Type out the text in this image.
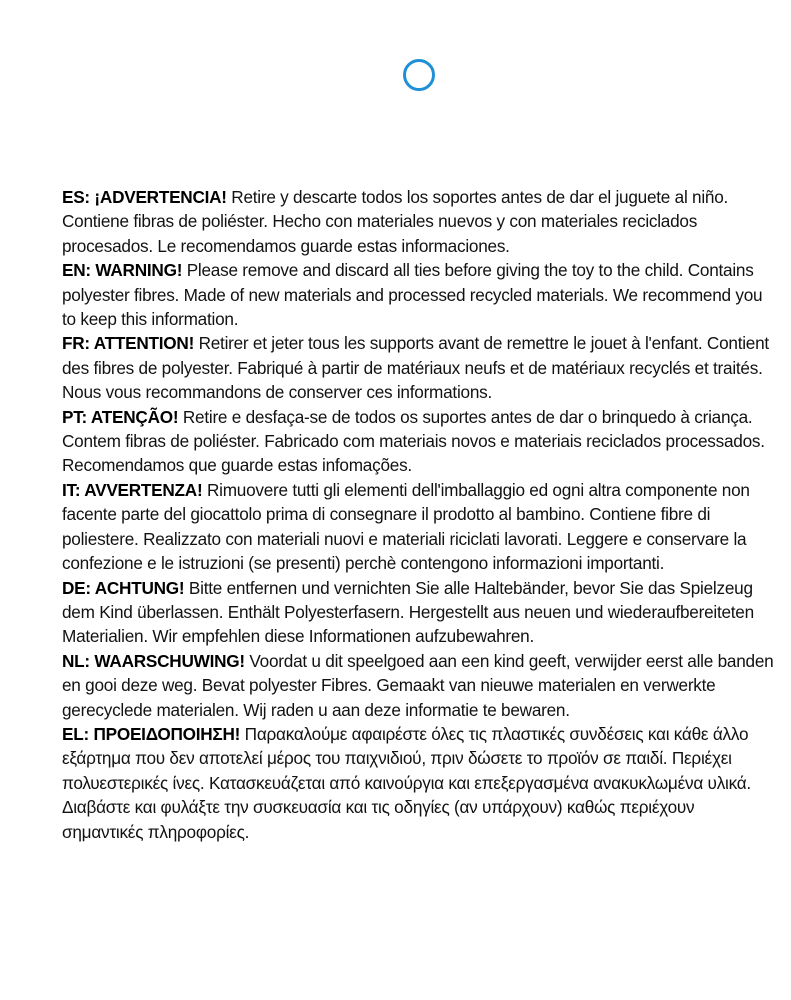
ES: ¡ADVERTENCIA! Retire y descarte todos los soportes antes de dar el juguete al niño. Contiene fibras de poliéster. Hecho con materiales nuevos y con materiales reciclados procesados. Le recomendamos guarde estas informaciones.

EN: WARNING! Please remove and discard all ties before giving the toy to the child. Contains polyester fibres. Made of new materials and processed recycled materials. We recommend you to keep this information.

FR: ATTENTION! Retirer et jeter tous les supports avant de remettre le jouet à l'enfant. Contient des fibres de polyester. Fabriqué à partir de matériaux neufs et de matériaux recyclés et traités. Nous vous recommandons de conserver ces informations.

PT: ATENÇÃO! Retire e desfaça-se de todos os suportes antes de dar o brinquedo à criança. Contem fibras de poliéster. Fabricado com materiais novos e materiais reciclados processados. Recomendamos que guarde estas infomações.

IT: AVVERTENZA! Rimuovere tutti gli elementi dell'imballaggio ed ogni altra componente non facente parte del giocattolo prima di consegnare il prodotto al bambino. Contiene fibre di poliestere. Realizzato con materiali nuovi e materiali riciclati lavorati. Leggere e conservare la confezione e le istruzioni (se presenti) perchè contengono informazioni importanti.

DE: ACHTUNG! Bitte entfernen und vernichten Sie alle Haltebänder, bevor Sie das Spielzeug dem Kind überlassen. Enthält Polyesterfasern. Hergestellt aus neuen und wiederaufbereiteten Materialien. Wir empfehlen diese Informationen aufzubewahren.

NL: WAARSCHUWING! Voordat u dit speelgoed aan een kind geeft, verwijder eerst alle banden en gooi deze weg. Bevat polyester Fibres. Gemaakt van nieuwe materialen en verwerkte gerecyclede materialen. Wij raden u aan deze informatie te bewaren.

EL: ΠΡΟΕΙΔΟΠΟΙΗΣΗ! Παρακαλούμε αφαιρέστε όλες τις πλαστικές συνδέσεις και κάθε άλλο εξάρτημα που δεν αποτελεί μέρος του παιχνιδιού, πριν δώσετε το προϊόν σε παιδί. Περιέχει πολυεστερικές ίνες. Κατασκευάζεται από καινούργια και επεξεργασμένα ανακυκλωμένα υλικά. Διαβάστε και φυλάξτε την συσκευασία και τις οδηγίες (αν υπάρχουν) καθώς περιέχουν σημαντικές πληροφορίες.
